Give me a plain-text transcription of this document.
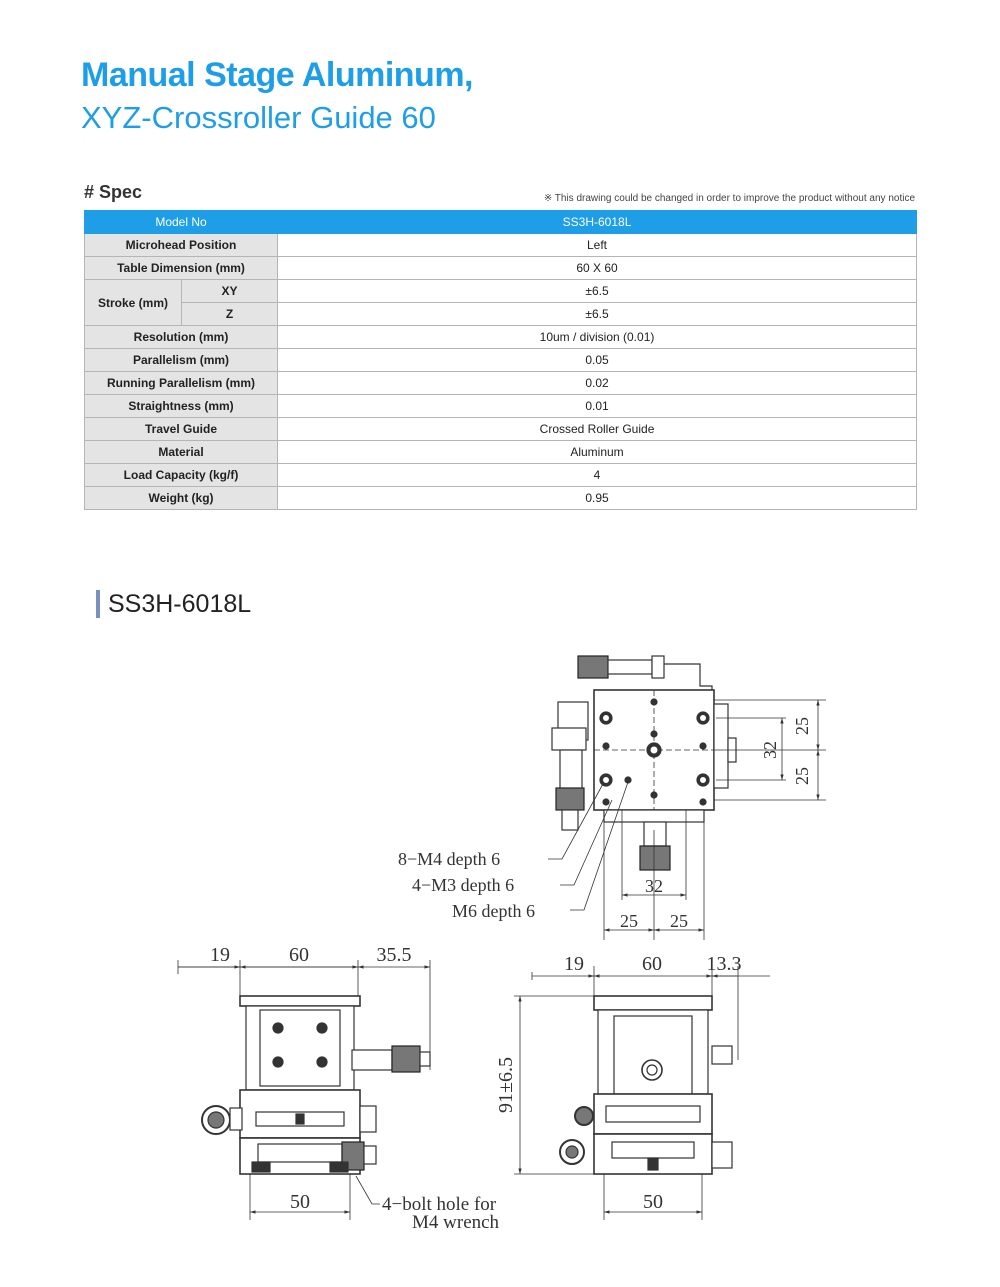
Manual Stage Aluminum,
XYZ-Crossroller Guide 60
# Spec	※ This drawing could be changed in order to improve the product without any notice
Model No		SS3H-6018L
Microhead Position		Left
Table Dimension (mm)		60 X 60
Stroke (mm)	XY	±6.5
	Z	±6.5
Resolution (mm)		10um / division (0.01)
Parallelism (mm)		0.05
Running Parallelism (mm)		0.02
Straightness (mm)		0.01
Travel Guide		Crossed Roller Guide
Material		Aluminum
Load Capacity (kg/f)		4
Weight (kg)		0.95
SS3H-6018L
25
25
32
32
25 25
8−M4 depth 6
4−M3 depth 6
M6 depth 6
19	60	35.5
50	4−bolt hole for
M4 wrench
19	60 13.3
91±6.5
50
